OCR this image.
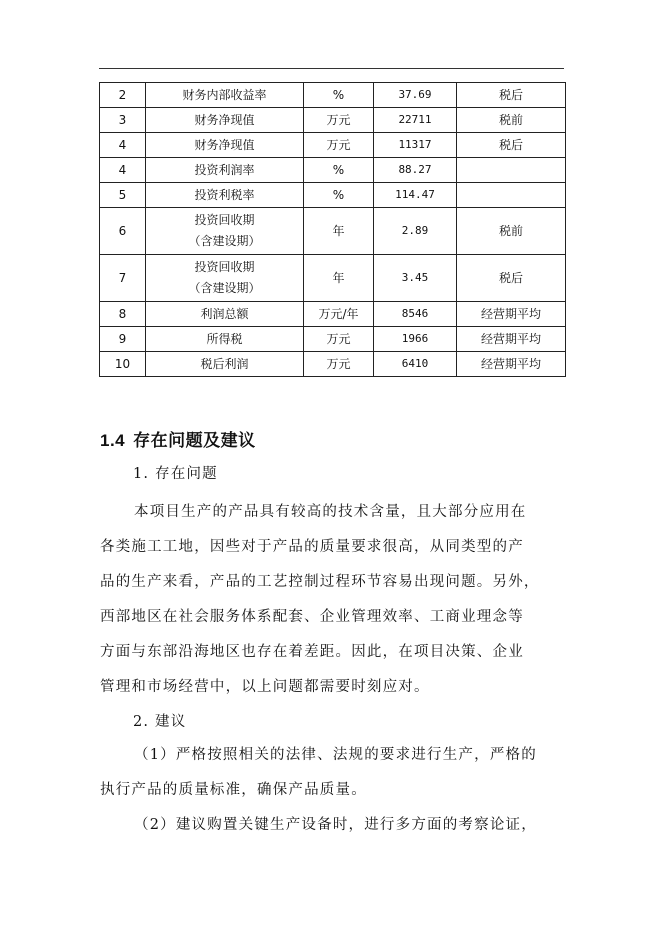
2	财务内部收益率	%	37.69	税后
3	财务净现值	万元	22711	税前
4	财务净现值	万元	11317	税后
4	投资利润率	%	88.27	
5	投资利税率	%	114.47	
6	投资回收期
（含建设期）	年	2.89	税前
7	投资回收期
（含建设期）	年	3.45	税后
8	利润总额	万元/年	8546	经营期平均
9	所得税	万元	1966	经营期平均
10	税后利润	万元	6410	经营期平均
1.4 存在问题及建议
1. 存在问题
本项目生产的产品具有较高的技术含量，且大部分应用在
各类施工工地，因些对于产品的质量要求很高，从同类型的产
品的生产来看，产品的工艺控制过程环节容易出现问题。另外，
西部地区在社会服务体系配套、企业管理效率、工商业理念等
方面与东部沿海地区也存在着差距。因此，在项目决策、企业
管理和市场经营中，以上问题都需要时刻应对。
2. 建议
（1）严格按照相关的法律、法规的要求进行生产，严格的
执行产品的质量标准，确保产品质量。
（2）建议购置关键生产设备时，进行多方面的考察论证，
